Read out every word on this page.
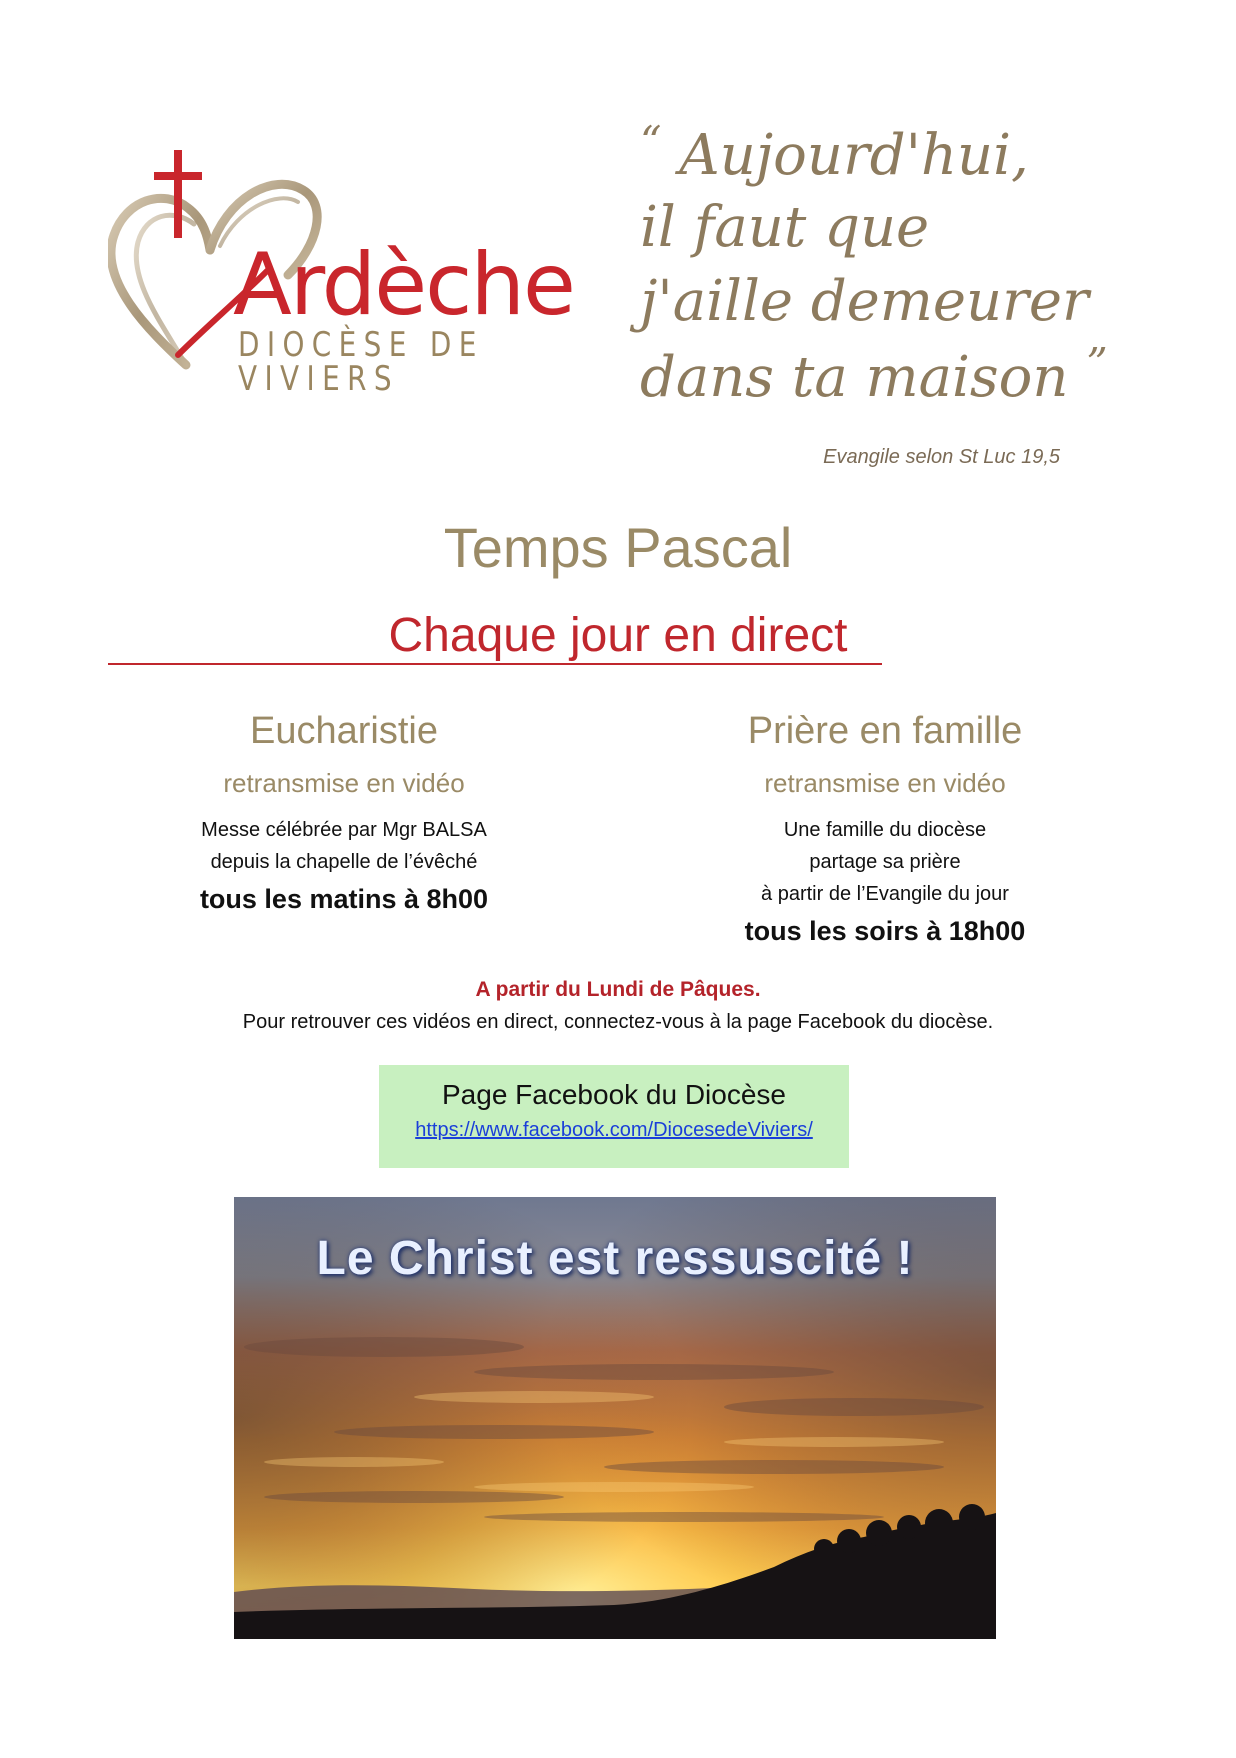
Ardèche
DIOCÈSE DE VIVIERS
“ Aujourd'hui,
il faut que
j'aille demeurer
dans ta maison ”
Evangile selon St Luc 19,5
Temps Pascal
Chaque jour en direct
Eucharistie
retransmise en vidéo
Messe célébrée par Mgr BALSA
depuis la chapelle de l’évêché
tous les matins à 8h00
Prière en famille
retransmise en vidéo
Une famille du diocèse
partage sa prière
à partir de l’Evangile du jour
tous les soirs à 18h00
A partir du Lundi de Pâques.
Pour retrouver ces vidéos en direct, connectez-vous à la page Facebook du diocèse.
Page Facebook du Diocèse
https://www.facebook.com/DiocesedeViviers/
Le Christ est ressuscité !
